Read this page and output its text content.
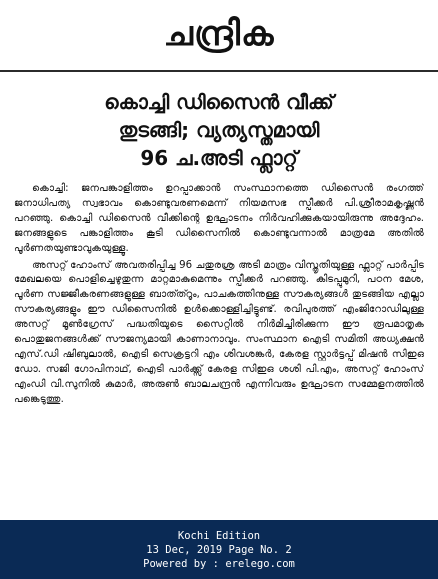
ചന്ദ്രിക
കൊച്ചി ഡിസൈൻ വീക്ക്
തുടങ്ങി; വ്യത്യസ്തമായി
96 ച.അടി ഫ്ലാറ്റ്

കൊച്ചി: ജനപങ്കാളിത്തം ഉറപ്പാക്കാൻ സംസ്ഥാനത്തെ ഡിസൈൻ രംഗത്ത് ജനാധിപത്യ സ്വഭാവം കൊണ്ടുവരണമെന്ന് നിയമസഭ സ്പീക്കർ പി.ശ്രീരാമകൃഷ്ണൻ പറഞ്ഞു. കൊച്ചി ഡിസൈൻ വീക്കിന്റെ ഉദ്ഘാടനം നിർവഹിക്കുകയായിരുന്നു അദ്ദേഹം. ജനങ്ങളുടെ പങ്കാളിത്തം കൂടി ഡിസൈനിൽ കൊണ്ടുവന്നാൽ മാത്രമേ അതിൽ പൂർണതയുണ്ടാവുകയുള്ളൂ.

അസറ്റ് ഹോംസ് അവതരിപ്പിച്ച 96 ചതുരശ്ര അടി മാത്രം വിസ്തൃതിയുള്ള ഫ്ലാറ്റ് പാർപ്പിട മേഖലയെ പൊളിച്ചെഴുതുന്ന മാറ്റമാകുമെന്നും സ്പീക്കർ പറഞ്ഞു. കിടപ്പുമുറി, പഠന മേശ, പൂർണ സജ്ജീകരണങ്ങളുള്ള ബാത്ത്റൂം, പാചകത്തിനുള്ള സൗകര്യങ്ങൾ തുടങ്ങിയ എല്ലാ സൗകര്യങ്ങളും ഈ ഡിസൈനിൽ ഉൾക്കൊള്ളിച്ചിട്ടുണ്ട്. രവിപുരത്ത് എംജിറോഡിലുള്ള അസറ്റ് മൂൺഗ്രേസ് പദ്ധതിയുടെ സൈറ്റിൽ നിർമിച്ചിരിക്കുന്ന ഈ രൂപമാതൃക പൊതുജനങ്ങൾക്ക് സൗജന്യമായി കാണാനാവും. സംസ്ഥാന ഐടി സമിതി അധ്യക്ഷൻ എസ്.ഡി ഷിബുലാൽ, ഐടി സെക്രട്ടറി എം ശിവശങ്കർ, കേരള സ്റ്റാർട്ടപ്പ് മിഷൻ സിഇഒ ഡോ. സജി ഗോപിനാഥ്, ഐടി പാർക്ക്സ് കേരള സിഇഒ ശശി പി.എം, അസറ്റ് ഹോംസ് എംഡി വി.സുനിൽ കുമാർ, അരുൺ ബാലചന്ദ്രൻ എന്നിവരും ഉദ്ഘാടന സമ്മേളനത്തിൽ പങ്കെടുത്തു.

Kochi Edition
13 Dec, 2019 Page No. 2
Powered by : erelego.com
